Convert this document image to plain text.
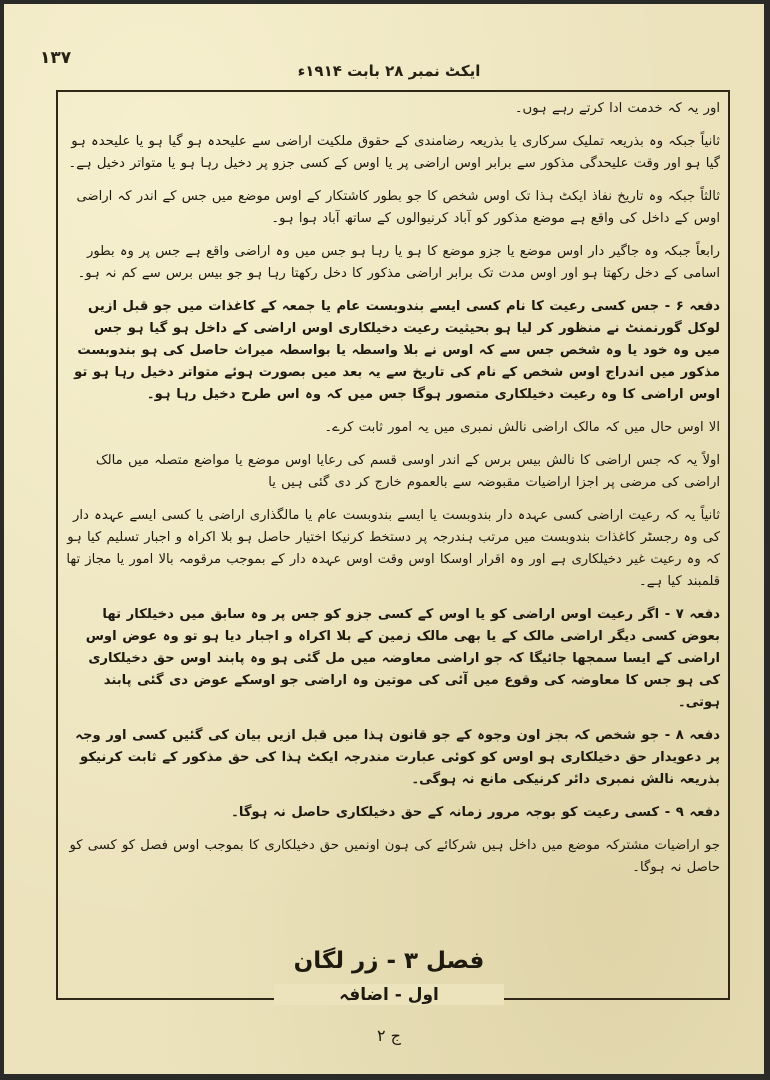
۱۳۷
ایکٹ نمبر ۲۸ بابت ۱۹۱۴ء

اور یہ کہ خدمت ادا کرتے رہے ہوں۔

ثانیاً جبکہ وہ بذریعہ تملیک سرکاری یا بذریعہ رضامندی کے حقوق ملکیت اراضی سے علیحدہ ہو گیا ہو یا علیحدہ ہو گیا ہو اور وقت علیحدگی مذکور سے برابر اوس اراضی پر یا اوس کے کسی جزو پر دخیل رہا ہو یا متواتر دخیل ہے۔

ثالثاً جبکہ وہ تاریخ نفاذ ایکٹ ہذا تک اوس شخص کا جو بطور کاشتکار کے اوس موضع میں جس کے اندر کہ اراضی اوس کے داخل کی واقع ہے موضع مذکور کو آباد کرنیوالوں کے ساتھ آباد ہوا ہو۔

رابعاً جبکہ وہ جاگیر دار اوس موضع یا جزو موضع کا ہو یا رہا ہو جس میں وہ اراضی واقع ہے جس پر وہ بطور اسامی کے دخل رکھتا ہو اور اوس مدت تک برابر اراضی مذکور کا دخل رکھتا رہا ہو جو بیس برس سے کم نہ ہو۔

دفعہ ۶ - جس کسی رعیت کا نام کسی ایسے بندوبست عام یا جمعہ کے کاغذات میں جو قبل ازیں لوکل گورنمنٹ نے منظور کر لیا ہو بحیثیت رعیت دخیلکاری اوس اراضی کے داخل ہو گیا ہو جس میں وہ خود یا وہ شخص جس سے کہ اوس نے بلا واسطہ یا بواسطہ میراث حاصل کی ہو بندوبست مذکور میں اندراج اوس شخص کے نام کی تاریخ سے یہ بعد میں بصورت ہوئے متواتر دخیل رہا ہو تو اوس اراضی کا وہ رعیت دخیلکاری متصور ہوگا جس میں کہ وہ اس طرح دخیل رہا ہو۔

الا اوس حال میں کہ مالک اراضی نالش نمبری میں یہ امور ثابت کرے۔

اولاً یہ کہ جس اراضی کا نالش بیس برس کے اندر اوسی قسم کی رعایا اوس موضع یا مواضع متصلہ میں مالک اراضی کی مرضی پر اجزا اراضیات مقبوضہ سے بالعموم خارج کر دی گئی ہیں یا

ثانیاً یہ کہ رعیت اراضی کسی عہدہ دار بندوبست یا ایسے بندوبست عام یا مالگذاری اراضی یا کسی ایسے عہدہ دار کی وہ رجسٹر کاغذات بندوبست میں مرتب ہندرجہ پر دستخط کرنیکا اختیار حاصل ہو بلا اکراہ و اجبار تسلیم کیا ہو کہ وہ رعیت غیر دخیلکاری ہے اور وہ اقرار اوسکا اوس وقت اوس عہدہ دار کے بموجب مرقومہ بالا امور یا مجاز تھا قلمبند کیا ہے۔

دفعہ ۷ - اگر رعیت اوس اراضی کو یا اوس کے کسی جزو کو جس پر وہ سابق میں دخیلکار تھا بعوض کسی دیگر اراضی مالک کے یا بھی مالک زمین کے بلا اکراہ و اجبار دیا ہو تو وہ عوض اوس اراضی کے ایسا سمجھا جائیگا کہ جو اراضی معاوضہ میں مل گئی ہو وہ پابند اوس حق دخیلکاری کی ہو جس کا معاوضہ کی وقوع میں آئی کی موتین وہ اراضی جو اوسکے عوض دی گئی پابند ہوتی۔

دفعہ ۸ - جو شخص کہ بجز اون وجوہ کے جو قانون ہذا میں قبل ازیں بیان کی گئیں کسی اور وجہ پر دعویدار حق دخیلکاری ہو اوس کو کوئی عبارت مندرجہ ایکٹ ہذا کی حق مذکور کے ثابت کرنیکو بذریعہ نالش نمبری دائر کرنیکی مانع نہ ہوگی۔

دفعہ ۹ - کسی رعیت کو بوجہ مرور زمانہ کے حق دخیلکاری حاصل نہ ہوگا۔

جو اراضیات مشترکہ موضع میں داخل ہیں شرکائے کی ہون اونمیں حق دخیلکاری کا بموجب اوس فصل کو کسی کو حاصل نہ ہوگا۔

فصل ۳ - زر لگان
اول - اضافہ
ج ۲
